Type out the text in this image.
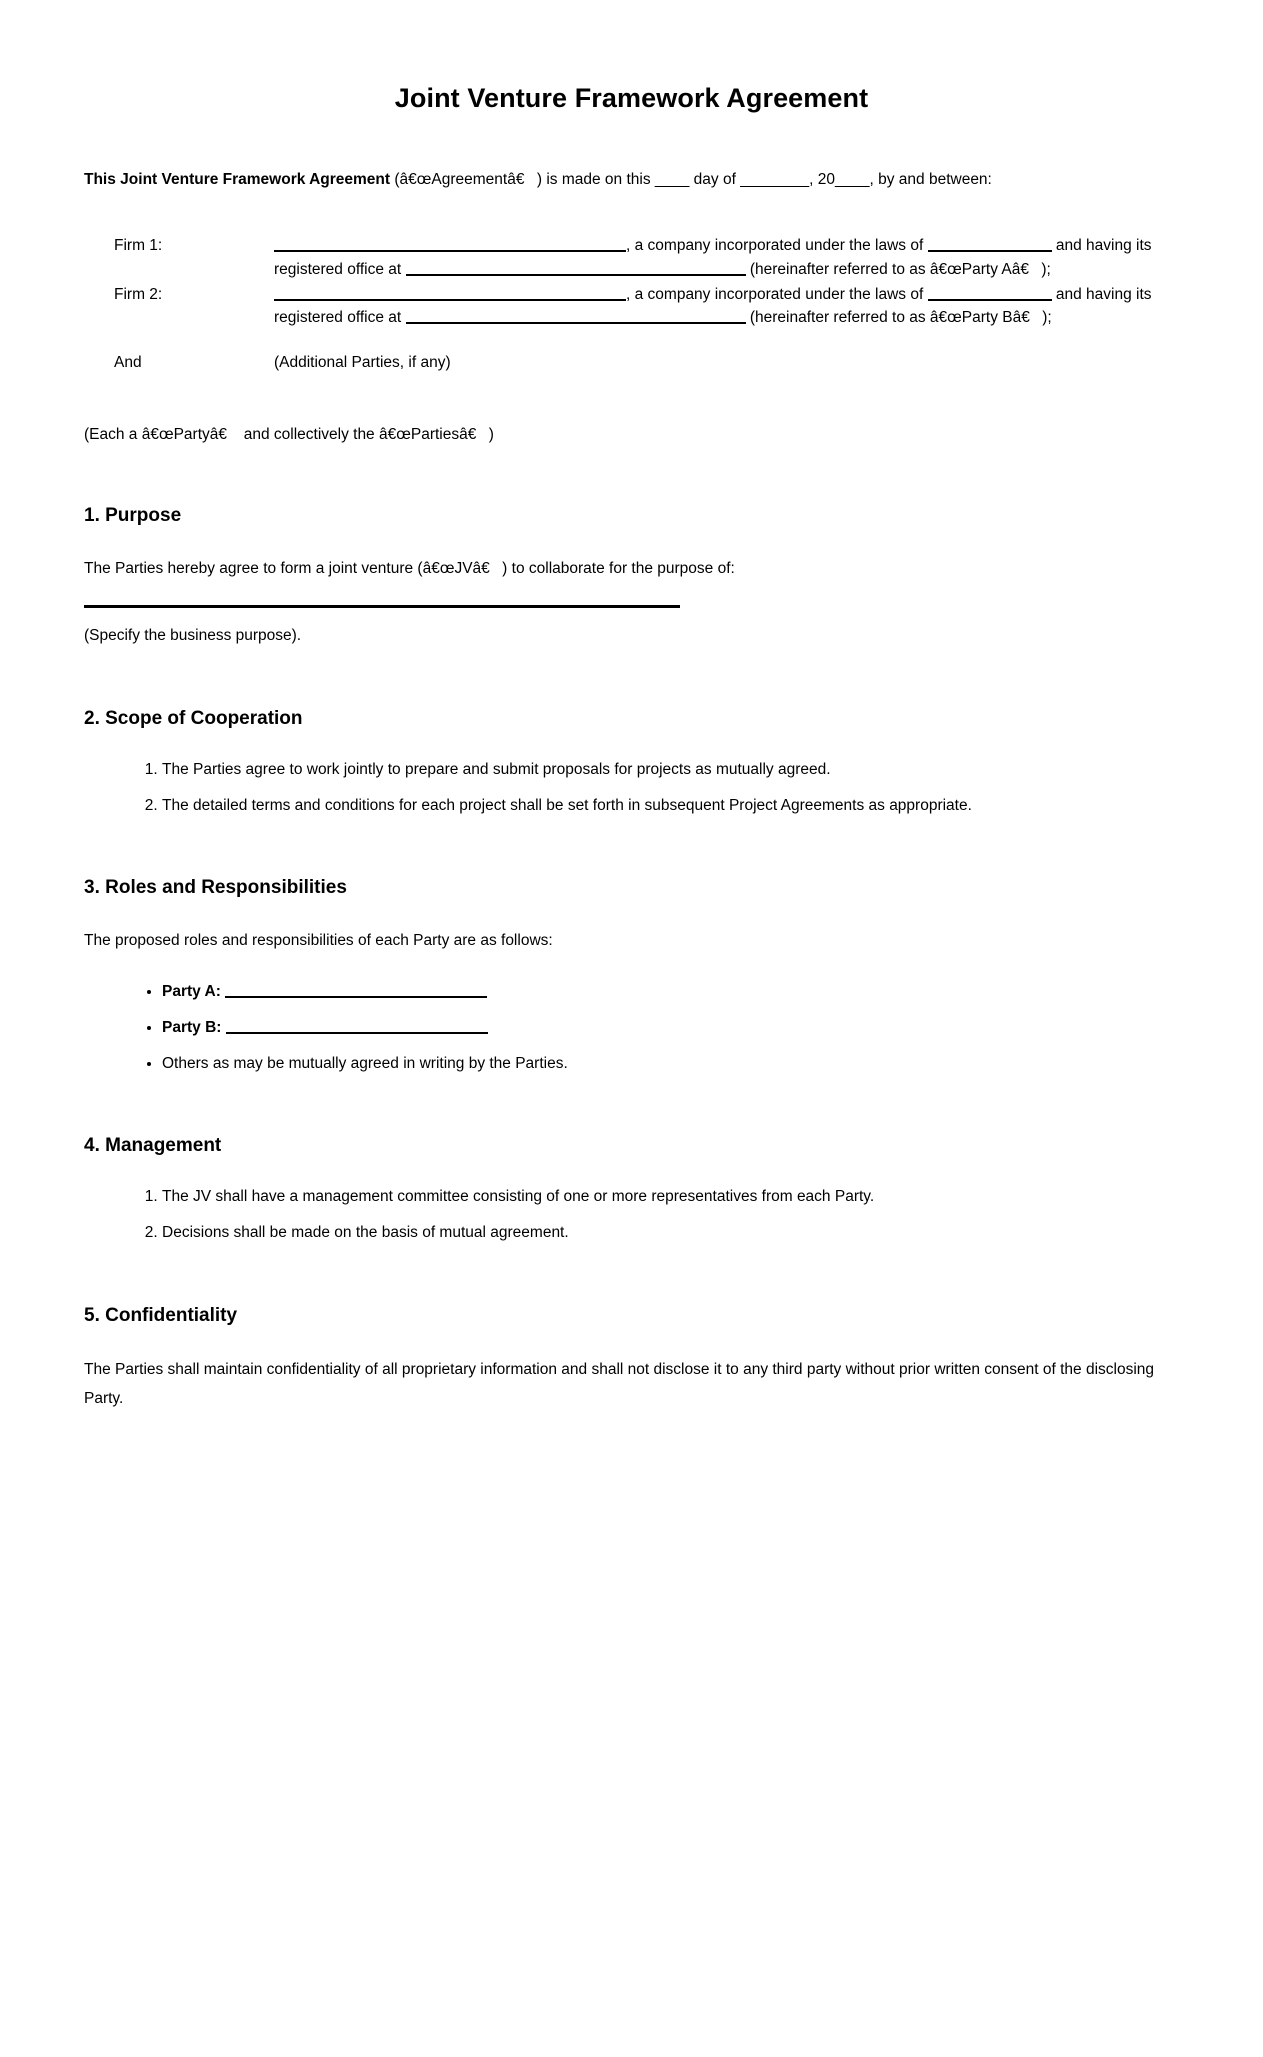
Joint Venture Framework Agreement

This Joint Venture Framework Agreement (â€œAgreementâ€) is made on this ____ day of ________, 20____, by and between:

Firm 1:	, a company incorporated under the laws of and having its
registered office at (hereinafter referred to as â€œParty Aâ€);
Firm 2:	, a company incorporated under the laws of and having its
registered office at (hereinafter referred to as â€œParty Bâ€);
And	(Additional Parties, if any)

(Each a â€œPartyâ€ and collectively the â€œPartiesâ€)

1. Purpose

The Parties hereby agree to form a joint venture (â€œJVâ€) to collaborate for the purpose of:

(Specify the business purpose).

2. Scope of Cooperation
1. The Parties agree to work jointly to prepare and submit proposals for projects as mutually agreed.
2. The detailed terms and conditions for each project shall be set forth in subsequent Project Agreements as appropriate.
3. Roles and Responsibilities

The proposed roles and responsibilities of each Party are as follows:

• Party A:
• Party B:
• Others as may be mutually agreed in writing by the Parties.
4. Management
1. The JV shall have a management committee consisting of one or more representatives from each Party.
2. Decisions shall be made on the basis of mutual agreement.
5. Confidentiality

The Parties shall maintain confidentiality of all proprietary information and shall not disclose it to any third party without prior written consent of the disclosing Party.
